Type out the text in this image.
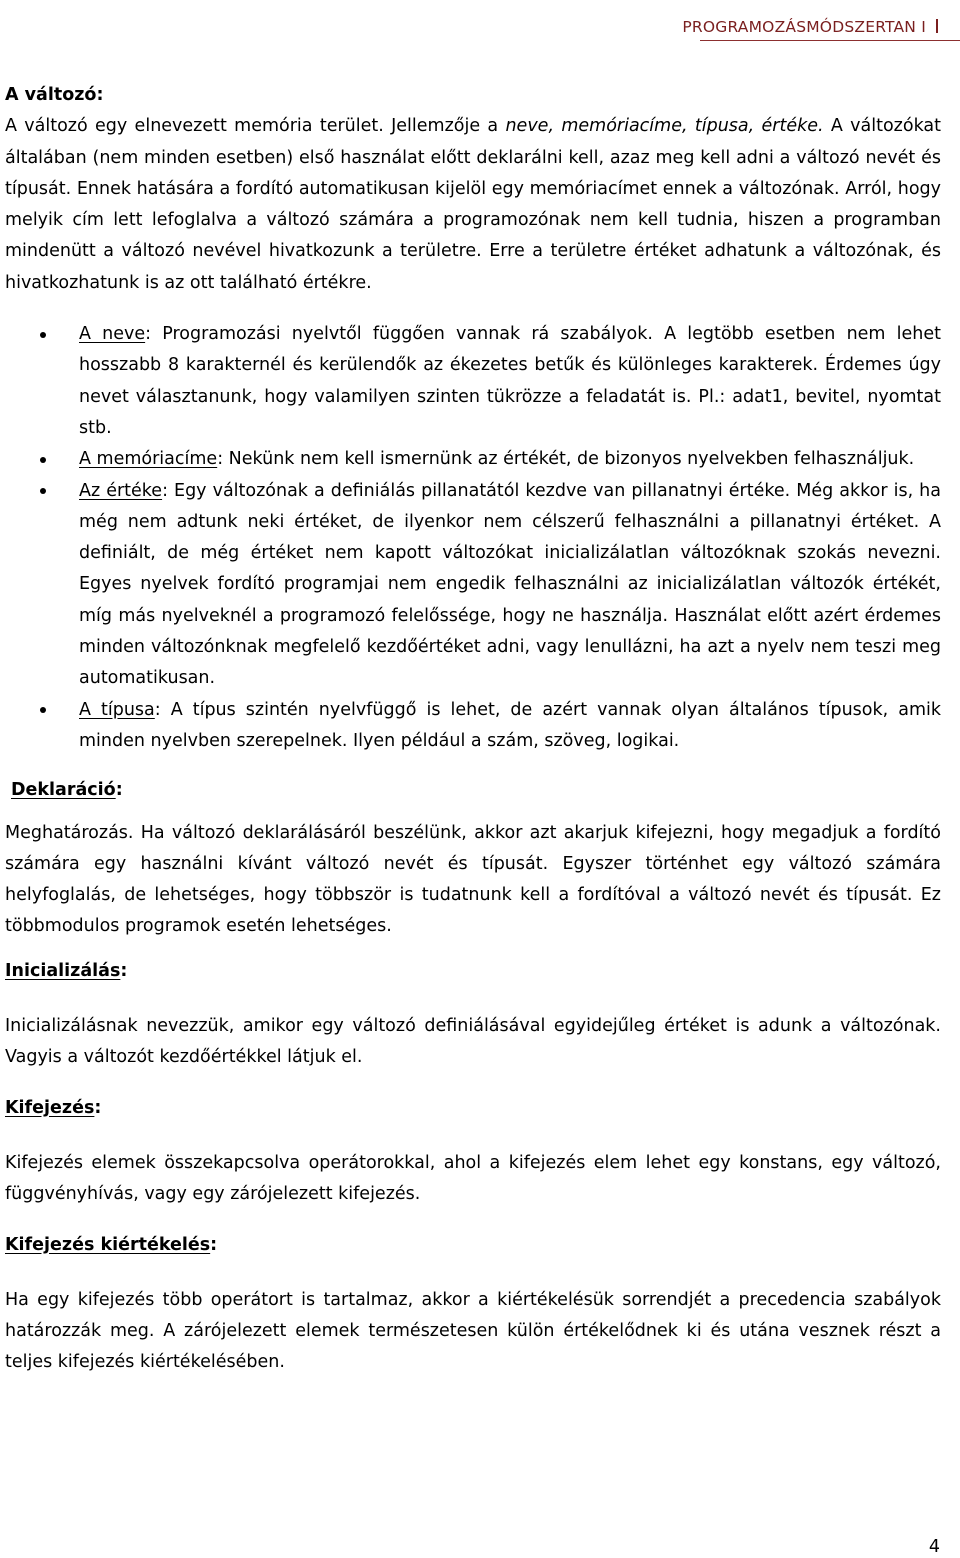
PROGRAMOZÁSMÓDSZERTAN I
A változó:

A változó egy elnevezett memória terület. Jellemzője a neve, memóriacíme, típusa, értéke. A változókat általában (nem minden esetben) első használat előtt deklarálni kell, azaz meg kell adni a változó nevét és típusát. Ennek hatására a fordító automatikusan kijelöl egy memóriacímet ennek a változónak. Arról, hogy melyik cím lett lefoglalva a változó számára a programozónak nem kell tudnia, hiszen a programban mindenütt a változó nevével hivatkozunk a területre. Erre a területre értéket adhatunk a változónak, és hivatkozhatunk is az ott található értékre.

A neve: Programozási nyelvtől függően vannak rá szabályok. A legtöbb esetben nem lehet hosszabb 8 karakternél és kerülendők az ékezetes betűk és különleges karakterek. Érdemes úgy nevet választanunk, hogy valamilyen szinten tükrözze a feladatát is. Pl.: adat1, bevitel, nyomtat stb.
A memóriacíme: Nekünk nem kell ismernünk az értékét, de bizonyos nyelvekben felhasználjuk.
Az értéke: Egy változónak a definiálás pillanatától kezdve van pillanatnyi értéke. Még akkor is, ha még nem adtunk neki értéket, de ilyenkor nem célszerű felhasználni a pillanatnyi értéket. A definiált, de még értéket nem kapott változókat inicializálatlan változóknak szokás nevezni. Egyes nyelvek fordító programjai nem engedik felhasználni az inicializálatlan változók értékét, míg más nyelveknél a programozó felelőssége, hogy ne használja. Használat előtt azért érdemes minden változónknak megfelelő kezdőértéket adni, vagy lenullázni, ha azt a nyelv nem teszi meg automatikusan.
A típusa: A típus szintén nyelvfüggő is lehet, de azért vannak olyan általános típusok, amik minden nyelvben szerepelnek. Ilyen például a szám, szöveg, logikai.
Deklaráció:

Meghatározás. Ha változó deklarálásáról beszélünk, akkor azt akarjuk kifejezni, hogy megadjuk a fordító számára egy használni kívánt változó nevét és típusát. Egyszer történhet egy változó számára helyfoglalás, de lehetséges, hogy többször is tudatnunk kell a fordítóval a változó nevét és típusát. Ez többmodulos programok esetén lehetséges.

Inicializálás:

Inicializálásnak nevezzük, amikor egy változó definiálásával egyidejűleg értéket is adunk a változónak. Vagyis a változót kezdőértékkel látjuk el.

Kifejezés:

Kifejezés elemek összekapcsolva operátorokkal, ahol a kifejezés elem lehet egy konstans, egy változó, függvényhívás, vagy egy zárójelezett kifejezés.

Kifejezés kiértékelés:

Ha egy kifejezés több operátort is tartalmaz, akkor a kiértékelésük sorrendjét a precedencia szabályok határozzák meg. A zárójelezett elemek természetesen külön értékelődnek ki és utána vesznek részt a teljes kifejezés kiértékelésében.

4
